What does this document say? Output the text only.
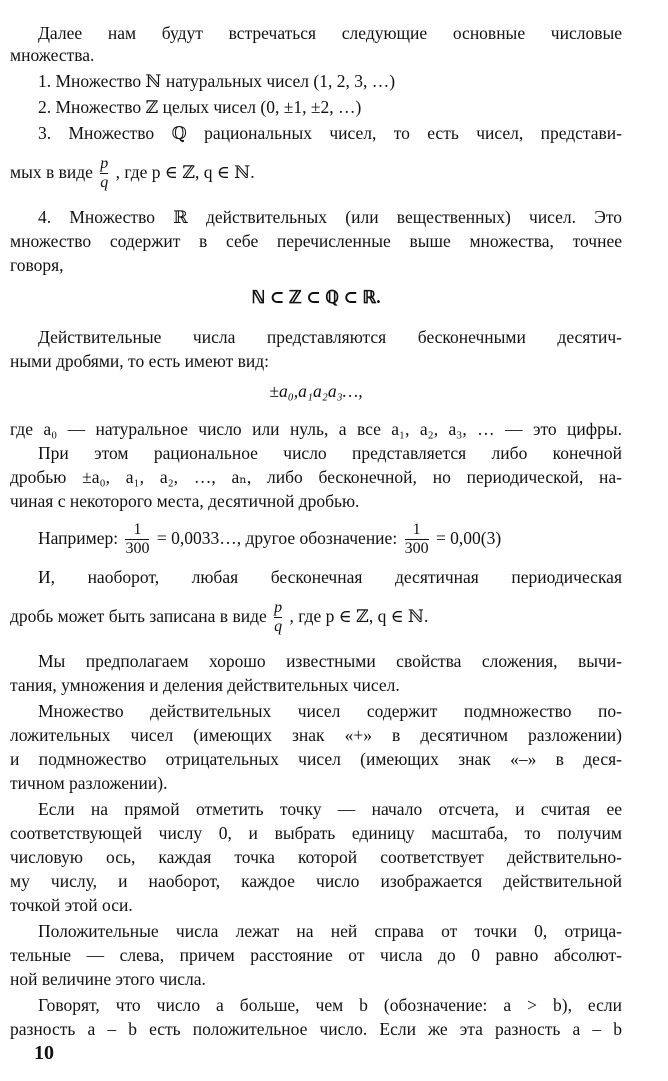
Далее нам будут встречаться следующие основные числовые
множества.
1. Множество ℕ натуральных чисел (1, 2, 3, …)
2. Множество ℤ целых чисел (0, ±1, ±2, …)
3. Множество ℚ рациональных чисел, то есть чисел, представи-
мых в виде $\frac{p}{q}$ , где p ∈ ℤ, q ∈ ℕ.
4. Множество ℝ действительных (или вещественных) чисел. Это
множество содержит в себе перечисленные выше множества, точнее
говоря,
ℕ ⊂ ℤ ⊂ ℚ ⊂ ℝ.
Действительные числа представляются бесконечными десятич-
ными дробями, то есть имеют вид:
±a₀,a₁a₂a₃…,
где a₀ — натуральное число или нуль, а все a₁, a₂, a₃, … — это цифры.
При этом рациональное число представляется либо конечной
дробью ±a₀, a₁, a₂, …, aₙ, либо бесконечной, но периодической, на-
чиная с некоторого места, десятичной дробью.
Например: $\frac{1}{300}$ = 0,0033…, другое обозначение: $\frac{1}{300} = 0,00(3)$
И, наоборот, любая бесконечная десятичная периодическая
дробь может быть записана в виде $\frac{p}{q}$ , где p ∈ ℤ, q ∈ ℕ.
Мы предполагаем хорошо известными свойства сложения, вычи-
тания, умножения и деления действительных чисел.
Множество действительных чисел содержит подмножество по-
ложительных чисел (имеющих знак «+» в десятичном разложении)
и подмножество отрицательных чисел (имеющих знак «–» в деся-
тичном разложении).
Если на прямой отметить точку — начало отсчета, и считая ее
соответствующей числу 0, и выбрать единицу масштаба, то получим
числовую ось, каждая точка которой соответствует действительно-
му числу, и наоборот, каждое число изображается действительной
точкой этой оси.
Положительные числа лежат на ней справа от точки 0, отрица-
тельные — слева, причем расстояние от числа до 0 равно абсолют-
ной величине этого числа.
Говорят, что число a больше, чем b (обозначение: a > b), если
разность a – b есть положительное число. Если же эта разность a – b
10
